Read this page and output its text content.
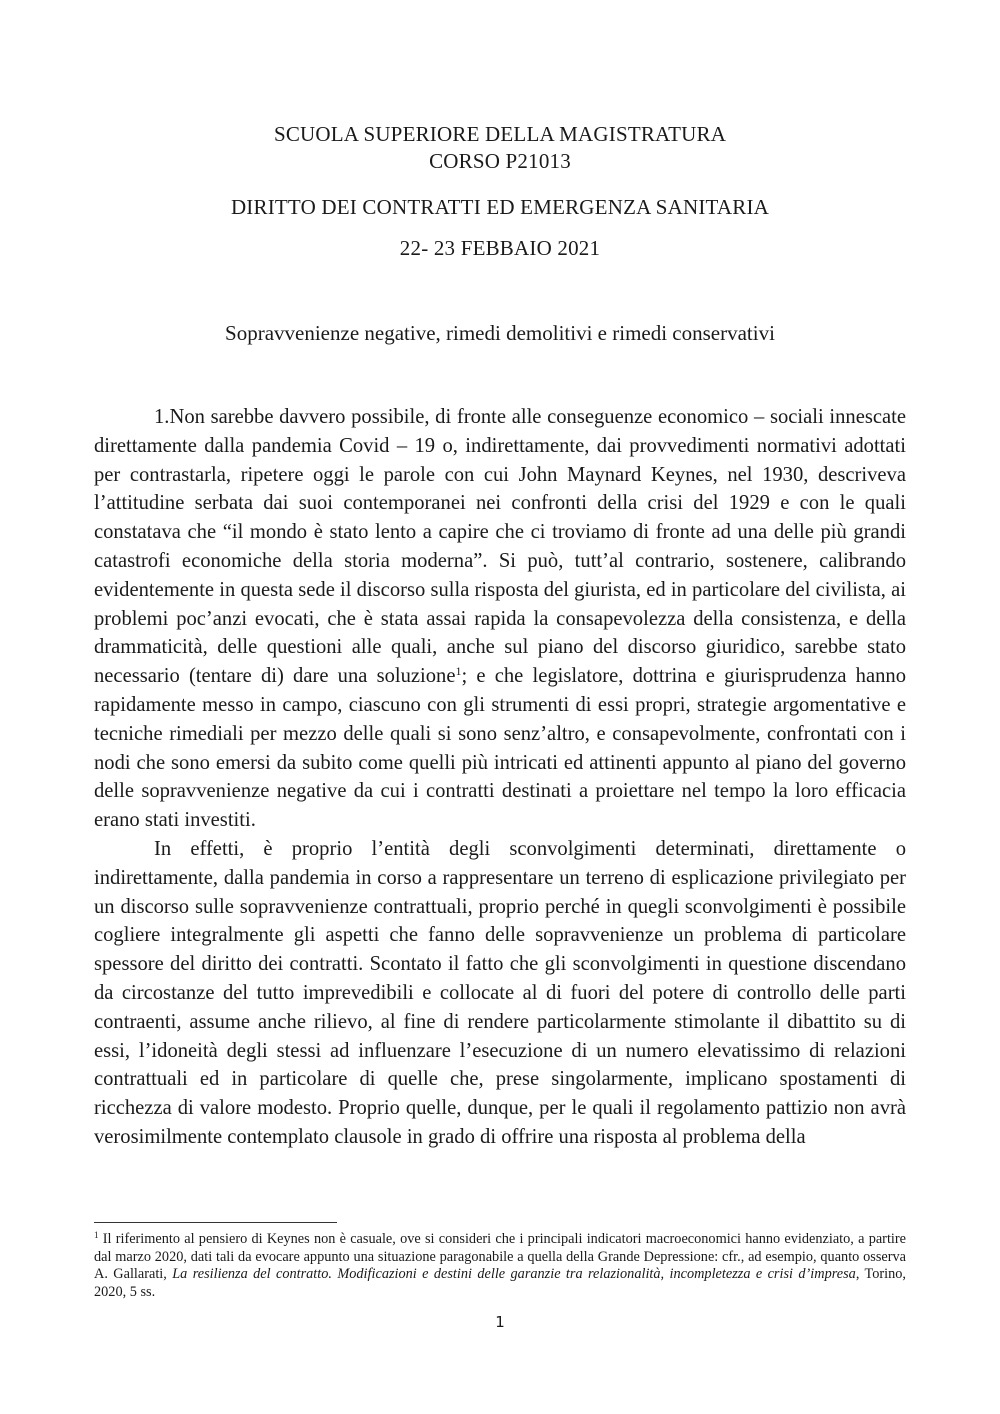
SCUOLA SUPERIORE DELLA MAGISTRATURA
CORSO P21013
DIRITTO DEI CONTRATTI ED EMERGENZA SANITARIA
22- 23 FEBBAIO 2021
Sopravvenienze negative, rimedi demolitivi e rimedi conservativi

1.Non sarebbe davvero possibile, di fronte alle conseguenze economico – sociali innescate direttamente dalla pandemia Covid – 19 o, indirettamente, dai provvedimenti normativi adottati per contrastarla, ripetere oggi le parole con cui John Maynard Keynes, nel 1930, descriveva l’attitudine serbata dai suoi contemporanei nei confronti della crisi del 1929 e con le quali constatava che “il mondo è stato lento a capire che ci troviamo di fronte ad una delle più grandi catastrofi economiche della storia moderna”. Si può, tutt’al contrario, sostenere, calibrando evidentemente in questa sede il discorso sulla risposta del giurista, ed in particolare del civilista, ai problemi poc’anzi evocati, che è stata assai rapida la consapevolezza della consistenza, e della drammaticità, delle questioni alle quali, anche sul piano del discorso giuridico, sarebbe stato necessario (tentare di) dare una soluzione$^1$; e che legislatore, dottrina e giurisprudenza hanno rapidamente messo in campo, ciascuno con gli strumenti di essi propri, strategie argomentative e tecniche rimediali per mezzo delle quali si sono senz’altro, e consapevolmente, confrontati con i nodi che sono emersi da subito come quelli più intricati ed attinenti appunto al piano del governo delle sopravvenienze negative da cui i contratti destinati a proiettare nel tempo la loro efficacia erano stati investiti.

In effetti, è proprio l’entità degli sconvolgimenti determinati, direttamente o indirettamente, dalla pandemia in corso a rappresentare un terreno di esplicazione privilegiato per un discorso sulle sopravvenienze contrattuali, proprio perché in quegli sconvolgimenti è possibile cogliere integralmente gli aspetti che fanno delle sopravvenienze un problema di particolare spessore del diritto dei contratti. Scontato il fatto che gli sconvolgimenti in questione discendano da circostanze del tutto imprevedibili e collocate al di fuori del potere di controllo delle parti contraenti, assume anche rilievo, al fine di rendere particolarmente stimolante il dibattito su di essi, l’idoneità degli stessi ad influenzare l’esecuzione di un numero elevatissimo di relazioni contrattuali ed in particolare di quelle che, prese singolarmente, implicano spostamenti di ricchezza di valore modesto. Proprio quelle, dunque, per le quali il regolamento pattizio non avrà verosimilmente contemplato clausole in grado di offrire una risposta al problema della

$^1$ Il riferimento al pensiero di Keynes non è casuale, ove si consideri che i principali indicatori macroeconomici hanno evidenziato, a partire dal marzo 2020, dati tali da evocare appunto una situazione paragonabile a quella della Grande Depressione: cfr., ad esempio, quanto osserva A. Gallarati, La resilienza del contratto. Modificazioni e destini delle garanzie tra relazionalità, incompletezza e crisi d’impresa, Torino, 2020, 5 ss.
1
